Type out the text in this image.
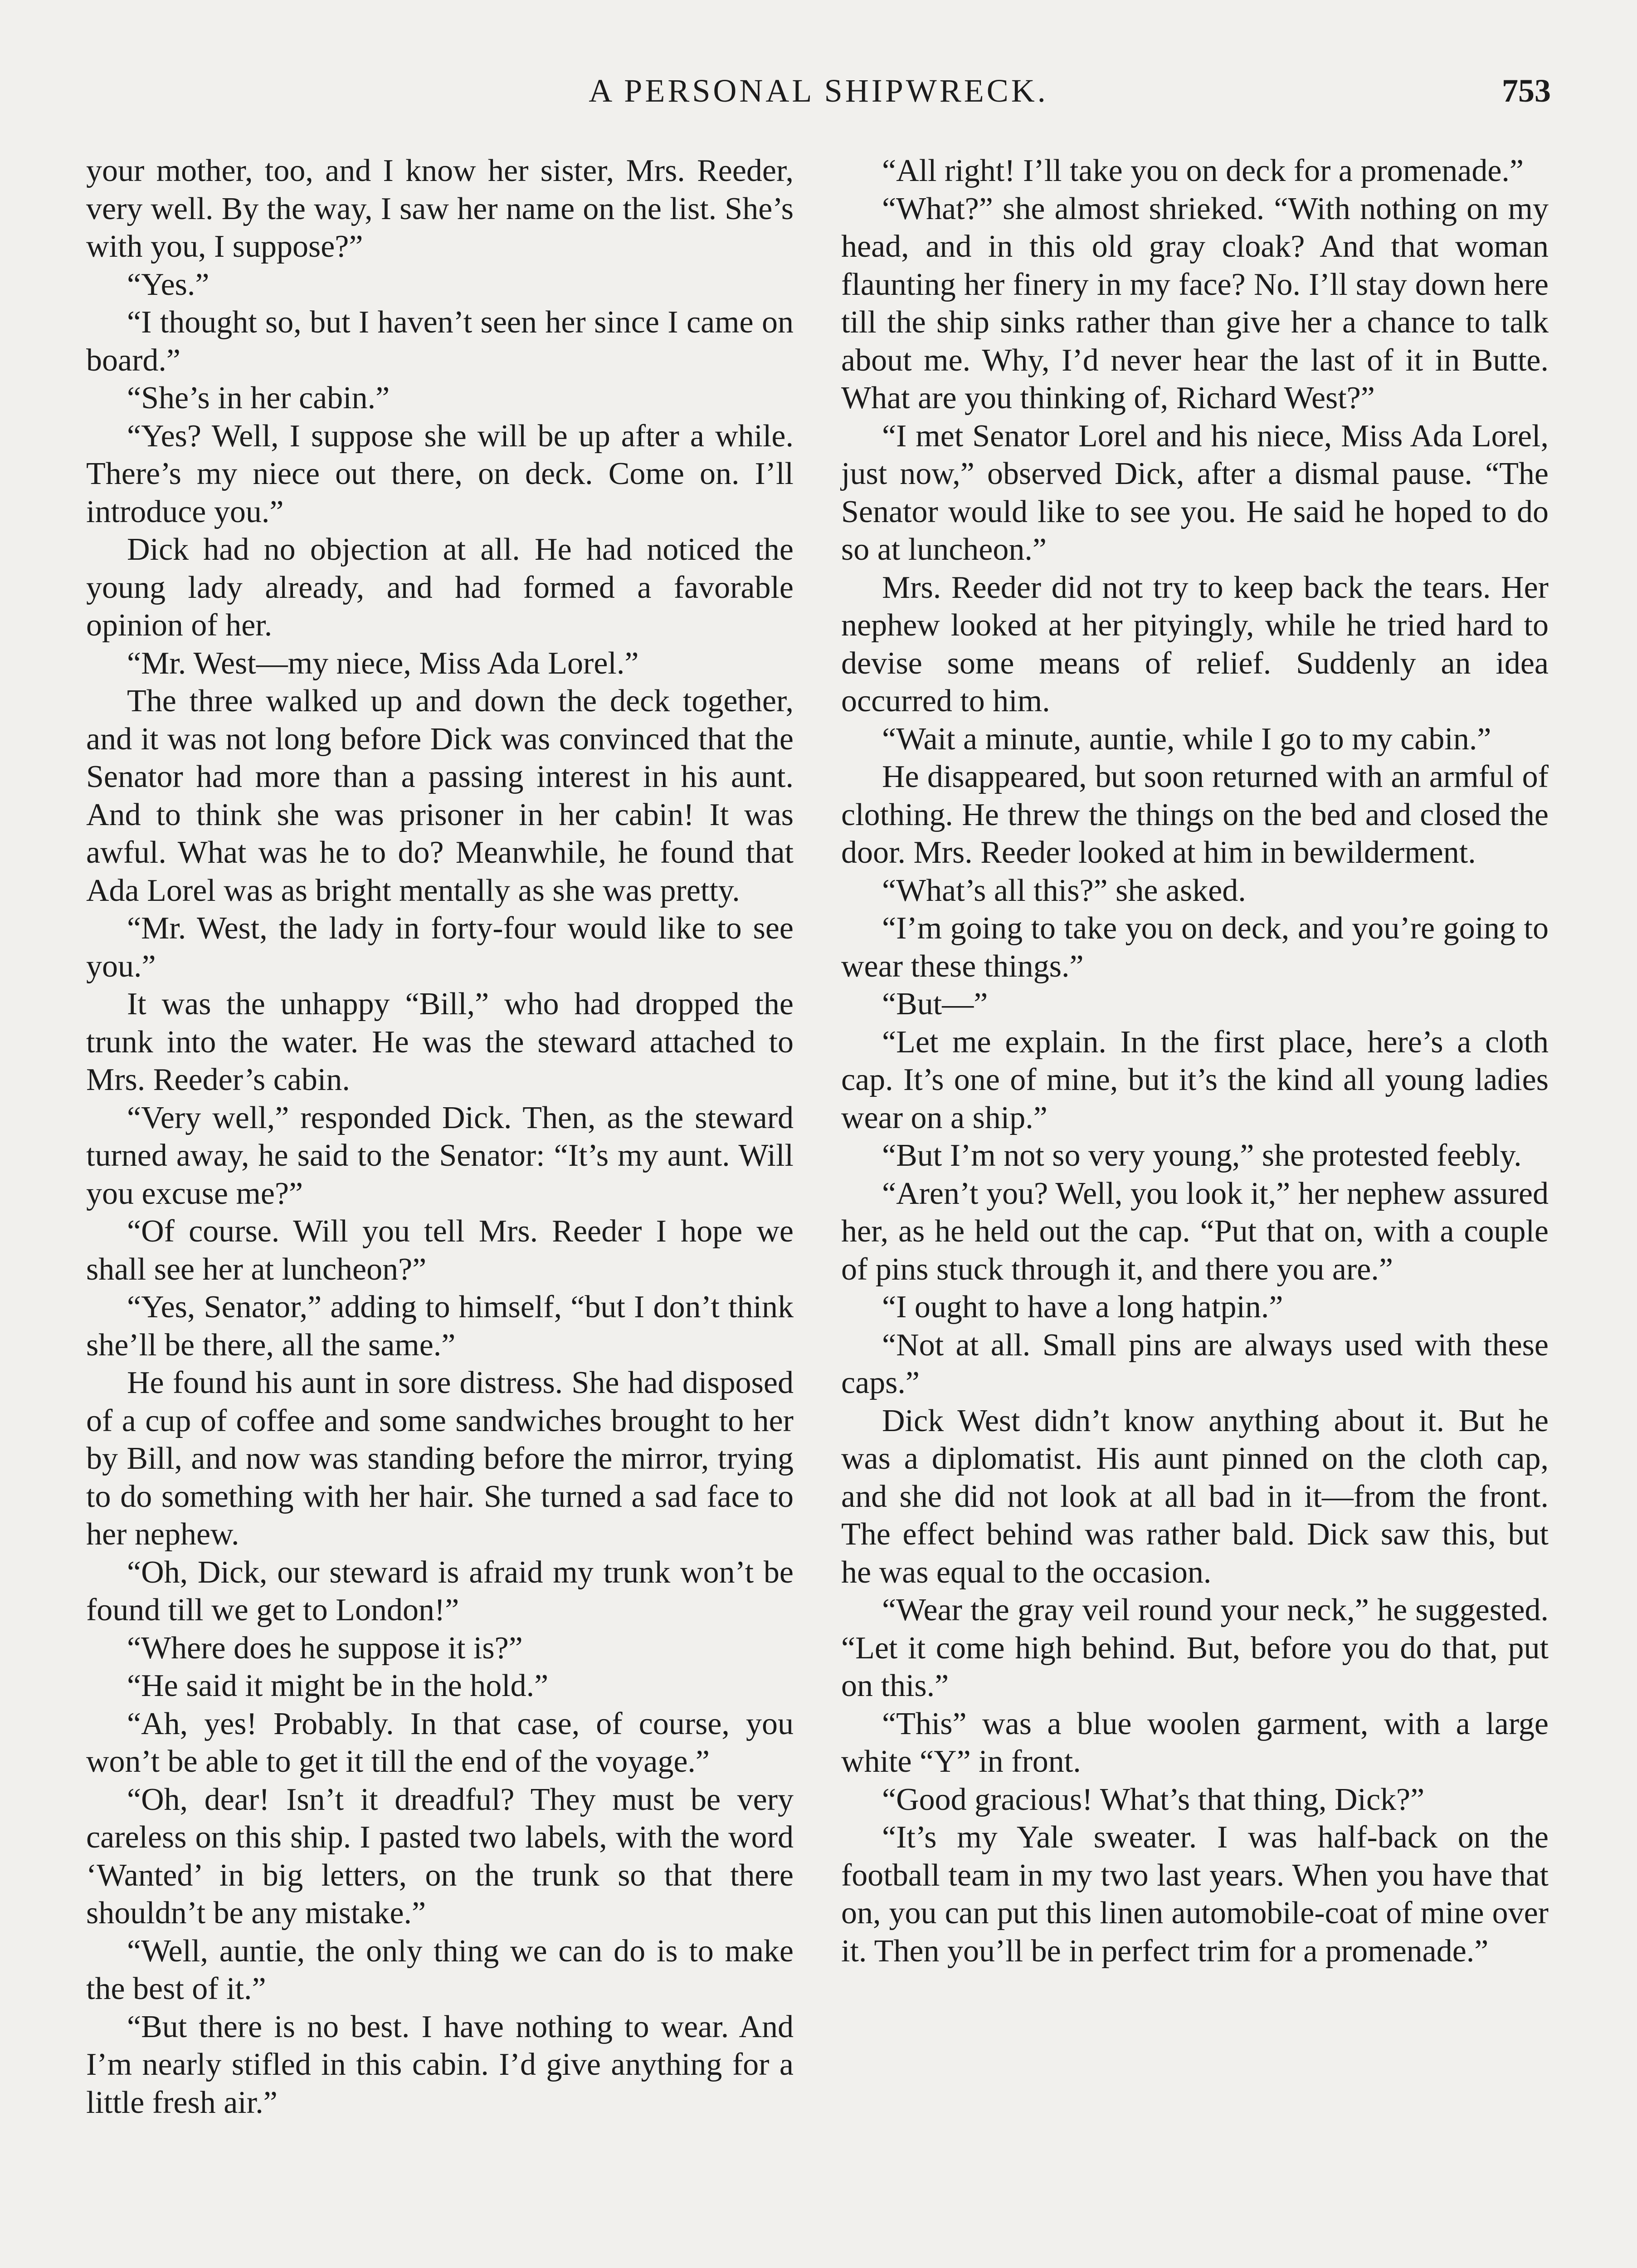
A PERSONAL SHIPWRECK.	753

your mother, too, and I know her sister, Mrs. Reeder, very well. By the way, I saw her name on the list. She’s with you, I suppose?”

“Yes.”

“I thought so, but I haven’t seen her since I came on board.”

“She’s in her cabin.”

“Yes? Well, I suppose she will be up after a while. There’s my niece out there, on deck. Come on. I’ll introduce you.”

Dick had no objection at all. He had noticed the young lady already, and had formed a favorable opinion of her.

“Mr. West—my niece, Miss Ada Lorel.”

The three walked up and down the deck together, and it was not long before Dick was convinced that the Senator had more than a passing interest in his aunt. And to think she was prisoner in her cabin! It was awful. What was he to do? Meanwhile, he found that Ada Lorel was as bright mentally as she was pretty.

“Mr. West, the lady in forty-four would like to see you.”

It was the unhappy “Bill,” who had dropped the trunk into the water. He was the steward attached to Mrs. Reeder’s cabin.

“Very well,” responded Dick. Then, as the steward turned away, he said to the Senator: “It’s my aunt. Will you excuse me?”

“Of course. Will you tell Mrs. Reeder I hope we shall see her at luncheon?”

“Yes, Senator,” adding to himself, “but I don’t think she’ll be there, all the same.”

He found his aunt in sore distress. She had disposed of a cup of coffee and some sandwiches brought to her by Bill, and now was standing before the mirror, trying to do something with her hair. She turned a sad face to her nephew.

“Oh, Dick, our steward is afraid my trunk won’t be found till we get to London!”

“Where does he suppose it is?”

“He said it might be in the hold.”

“Ah, yes! Probably. In that case, of course, you won’t be able to get it till the end of the voyage.”

“Oh, dear! Isn’t it dreadful? They must be very careless on this ship. I pasted two labels, with the word ‘Wanted’ in big letters, on the trunk so that there shouldn’t be any mistake.”

“Well, auntie, the only thing we can do is to make the best of it.”

“But there is no best. I have nothing to wear. And I’m nearly stifled in this cabin. I’d give anything for a little fresh air.”

“All right! I’ll take you on deck for a promenade.”

“What?” she almost shrieked. “With nothing on my head, and in this old gray cloak? And that woman flaunting her finery in my face? No. I’ll stay down here till the ship sinks rather than give her a chance to talk about me. Why, I’d never hear the last of it in Butte. What are you thinking of, Richard West?”

“I met Senator Lorel and his niece, Miss Ada Lorel, just now,” observed Dick, after a dismal pause. “The Senator would like to see you. He said he hoped to do so at luncheon.”

Mrs. Reeder did not try to keep back the tears. Her nephew looked at her pityingly, while he tried hard to devise some means of relief. Suddenly an idea occurred to him.

“Wait a minute, auntie, while I go to my cabin.”

He disappeared, but soon returned with an armful of clothing. He threw the things on the bed and closed the door. Mrs. Reeder looked at him in bewilderment.

“What’s all this?” she asked.

“I’m going to take you on deck, and you’re going to wear these things.”

“But—”

“Let me explain. In the first place, here’s a cloth cap. It’s one of mine, but it’s the kind all young ladies wear on a ship.”

“But I’m not so very young,” she protested feebly.

“Aren’t you? Well, you look it,” her nephew assured her, as he held out the cap. “Put that on, with a couple of pins stuck through it, and there you are.”

“I ought to have a long hatpin.”

“Not at all. Small pins are always used with these caps.”

Dick West didn’t know anything about it. But he was a diplomatist. His aunt pinned on the cloth cap, and she did not look at all bad in it—from the front. The effect behind was rather bald. Dick saw this, but he was equal to the occasion.

“Wear the gray veil round your neck,” he suggested. “Let it come high behind. But, before you do that, put on this.”

“This” was a blue woolen garment, with a large white “Y” in front.

“Good gracious! What’s that thing, Dick?”

“It’s my Yale sweater. I was half-back on the football team in my two last years. When you have that on, you can put this linen automobile-coat of mine over it. Then you’ll be in perfect trim for a promenade.”
